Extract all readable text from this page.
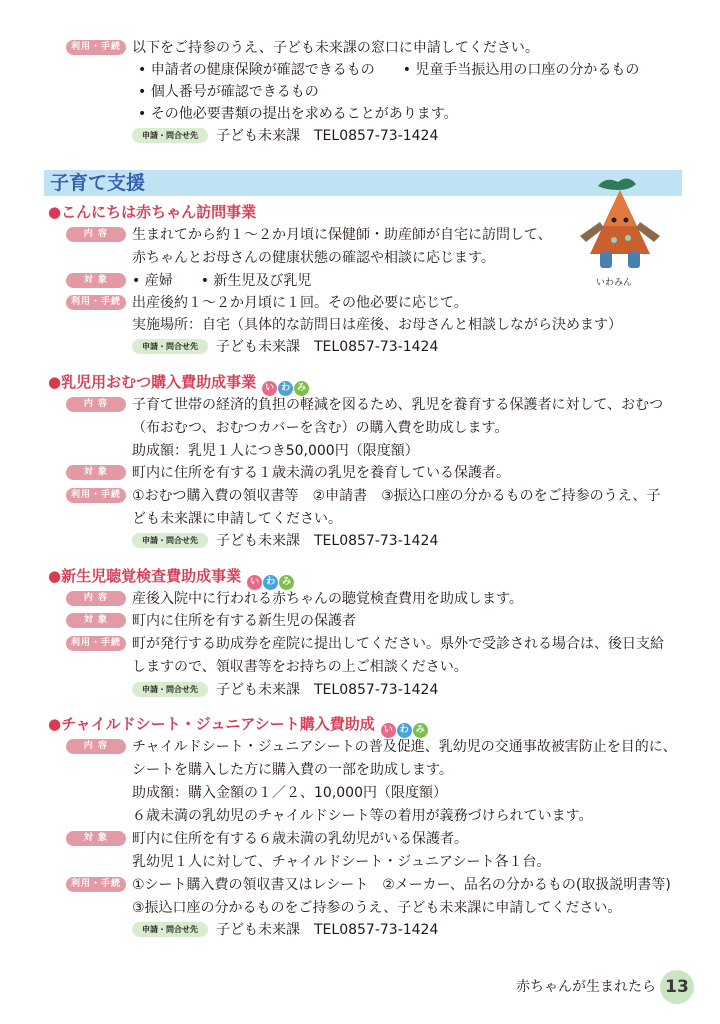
利用・手続 以下をご持参のうえ、子ども未来課の窓口に申請してください。
• 申請者の健康保険が確認できるもの　　• 児童手当振込用の口座の分かるもの
• 個人番号が確認できるもの
• その他必要書類の提出を求めることがあります。
申請・問合せ先	子ども未来課　TEL0857-73-1424
子育て支援
いわみん
●こんにちは赤ちゃん訪問事業
内 容	生まれてから約１～２か月頃に保健師・助産師が自宅に訪問して、
赤ちゃんとお母さんの健康状態の確認や相談に応じます。
対 象	• 産婦　　• 新生児及び乳児
利用・手続 出産後約１～２か月頃に１回。その他必要に応じて。
実施場所：自宅（具体的な訪問日は産後、お母さんと相談しながら決めます）
申請・問合せ先	子ども未来課　TEL0857-73-1424
●乳児用おむつ購入費助成事業 い わ み
内 容	子育て世帯の経済的負担の軽減を図るため、乳児を養育する保護者に対して、おむつ
（布おむつ、おむつカバーを含む）の購入費を助成します。
助成額：乳児１人につき50,000円（限度額）
対 象	町内に住所を有する１歳未満の乳児を養育している保護者。
利用・手続 ①おむつ購入費の領収書等　②申請書　③振込口座の分かるものをご持参のうえ、子
ども未来課に申請してください。
申請・問合せ先	子ども未来課　TEL0857-73-1424
●新生児聴覚検査費助成事業 い わ み
内 容	産後入院中に行われる赤ちゃんの聴覚検査費用を助成します。
対 象	町内に住所を有する新生児の保護者
利用・手続 町が発行する助成券を産院に提出してください。県外で受診される場合は、後日支給
しますので、領収書等をお持ちの上ご相談ください。
申請・問合せ先	子ども未来課　TEL0857-73-1424
●チャイルドシート・ジュニアシート購入費助成 い わ み
内 容	チャイルドシート・ジュニアシートの普及促進、乳幼児の交通事故被害防止を目的に、
シートを購入した方に購入費の一部を助成します。
助成額：購入金額の１／２、10,000円（限度額）
６歳未満の乳幼児のチャイルドシート等の着用が義務づけられています。
対 象	町内に住所を有する６歳未満の乳幼児がいる保護者。
乳幼児１人に対して、チャイルドシート・ジュニアシート各１台。
利用・手続 ①シート購入費の領収書又はレシート　②メーカー、品名の分かるもの(取扱説明書等)
③振込口座の分かるものをご持参のうえ、子ども未来課に申請してください。
申請・問合せ先	子ども未来課　TEL0857-73-1424
赤ちゃんが生まれたら 13
